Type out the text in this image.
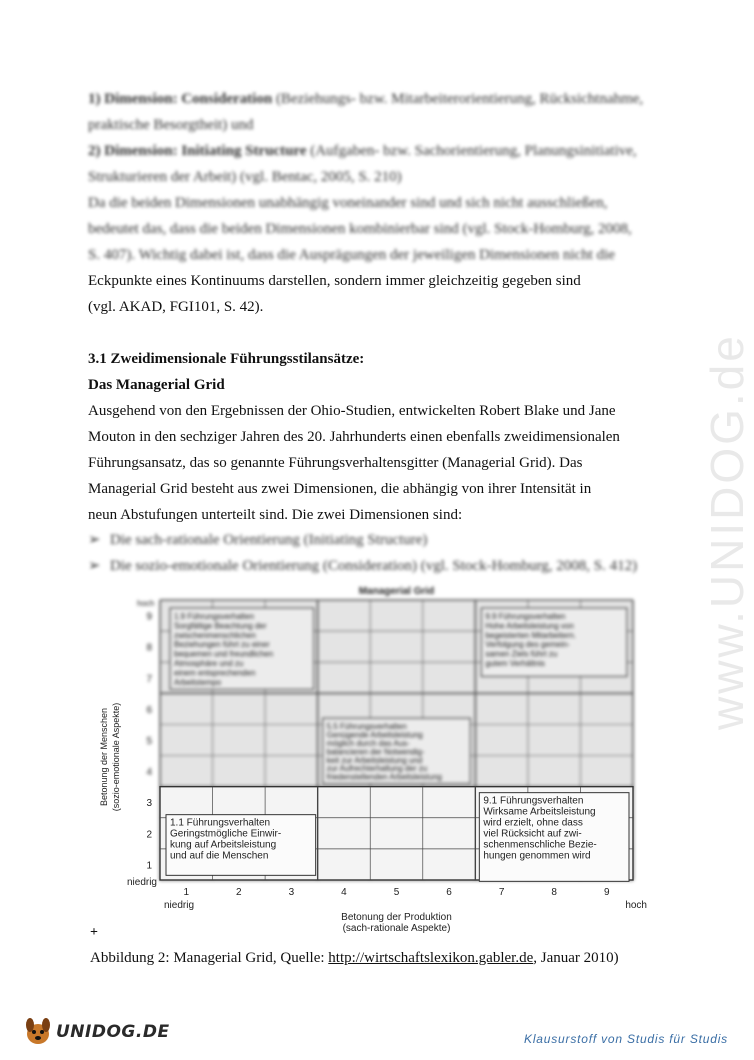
www.UNIDOG.de
1) Dimension: Consideration (Beziehungs- bzw. Mitarbeiterorientierung, Rücksichtnahme,
praktische Besorgtheit) und
2) Dimension: Initiating Structure (Aufgaben- bzw. Sachorientierung, Planungsinitiative,
Strukturieren der Arbeit) (vgl. Bentac, 2005, S. 210)
Da die beiden Dimensionen unabhängig voneinander sind und sich nicht ausschließen,
bedeutet das, dass die beiden Dimensionen kombinierbar sind (vgl. Stock-Homburg, 2008,
S. 407). Wichtig dabei ist, dass die Ausprägungen der jeweiligen Dimensionen nicht die
Eckpunkte eines Kontinuums darstellen, sondern immer gleichzeitig gegeben sind
(vgl. AKAD, FGI101, S. 42).
3.1 Zweidimensionale Führungsstilansätze:
Das Managerial Grid
Ausgehend von den Ergebnissen der Ohio-Studien, entwickelten Robert Blake und Jane
Mouton in den sechziger Jahren des 20. Jahrhunderts einen ebenfalls zweidimensionalen
Führungsansatz, das so genannte Führungsverhaltensgitter (Managerial Grid). Das
Managerial Grid besteht aus zwei Dimensionen, die abhängig von ihrer Intensität in
neun Abstufungen unterteilt sind. Die zwei Dimensionen sind:
➢ Die sach-rationale Orientierung (Initiating Structure)
➢ Die sozio-emotionale Orientierung (Consideration) (vgl. Stock-Homburg, 2008, S. 412)
Managerial Grid
hoch
9
8
7
6
5
4
1.9 Führungsverhalten
Sorgfältige Beachtung der
zwischenmenschlichen
Beziehungen führt zu einer
bequemen und freundlichen
Atmosphäre und zu
einem entsprechenden
Arbeitstempo
9.9 Führungsverhalten
Hohe Arbeitsleistung von
begeisterten Mitarbeitern.
Verfolgung des gemein-
samen Ziels führt zu
gutem Verhältnis
5.5 Führungsverhalten
Genügende Arbeitsleistung
möglich durch das Aus-
balancieren der Notwendig-
keit zur Arbeitsleistung und
zur Aufrechterhaltung der zu
friedenstellenden Arbeitsleistung
3
2
1
niedrig
Betonung der Menschen (sozio-emotionale Aspekte)
1	2	3	4	5	6	7	8	9
niedrig	hoch
Betonung der Produktion
(sach-rationale Aspekte)
1.1 Führungsverhalten
Geringstmögliche Einwir-
kung auf Arbeitsleistung
und auf die Menschen
9.1 Führungsverhalten
Wirksame Arbeitsleistung
wird erzielt, ohne dass
viel Rücksicht auf zwi-
schenmenschliche Bezie-
hungen genommen wird
+
Abbildung 2: Managerial Grid, Quelle: http://wirtschaftslexikon.gabler.de, Januar 2010)
UNIDOG.DE	Klausurstoff von Studis für Studis
